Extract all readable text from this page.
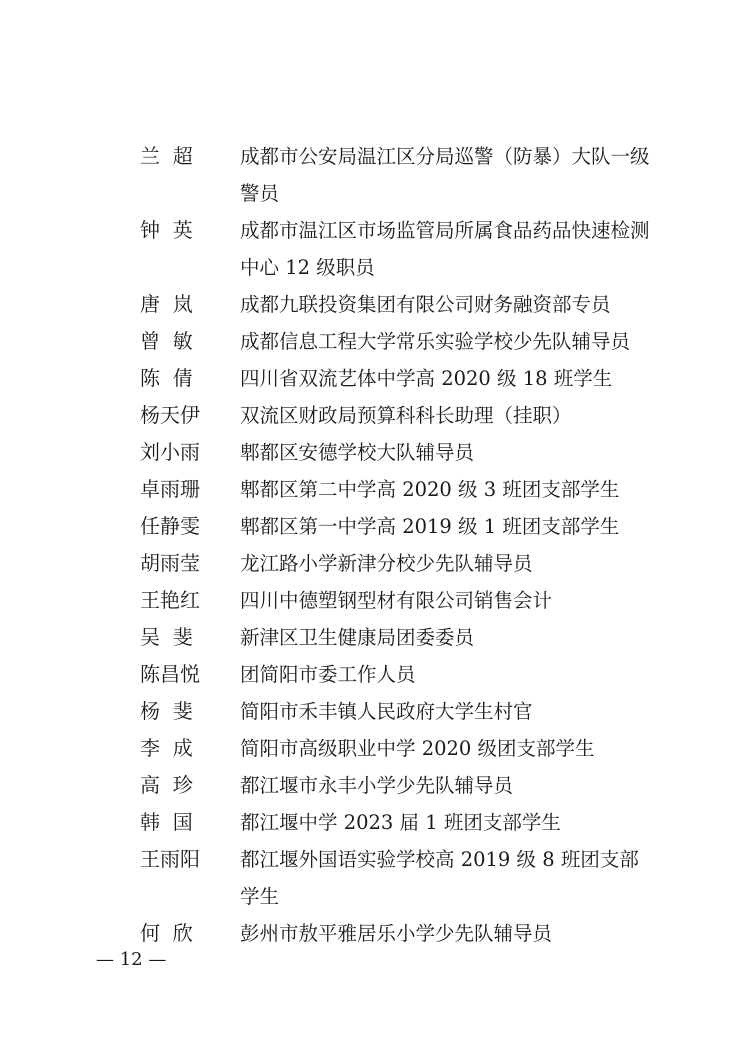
兰  超	成都市公安局温江区分局巡警（防暴）大队一级警员
钟  英	成都市温江区市场监管局所属食品药品快速检测中心 12 级职员
唐  岚	成都九联投资集团有限公司财务融资部专员
曾  敏	成都信息工程大学常乐实验学校少先队辅导员
陈  倩	四川省双流艺体中学高 2020 级 18 班学生
杨天伊	双流区财政局预算科科长助理（挂职）
刘小雨	郫都区安德学校大队辅导员
卓雨珊	郫都区第二中学高 2020 级 3 班团支部学生
任静雯	郫都区第一中学高 2019 级 1 班团支部学生
胡雨莹	龙江路小学新津分校少先队辅导员
王艳红	四川中德塑钢型材有限公司销售会计
吴  斐	新津区卫生健康局团委委员
陈昌悦	团简阳市委工作人员
杨  斐	简阳市禾丰镇人民政府大学生村官
李  成	简阳市高级职业中学 2020 级团支部学生
高  珍	都江堰市永丰小学少先队辅导员
韩  国	都江堰中学 2023 届 1 班团支部学生
王雨阳	都江堰外国语实验学校高 2019 级 8 班团支部学生
何  欣	彭州市敖平雅居乐小学少先队辅导员
— 12 —
